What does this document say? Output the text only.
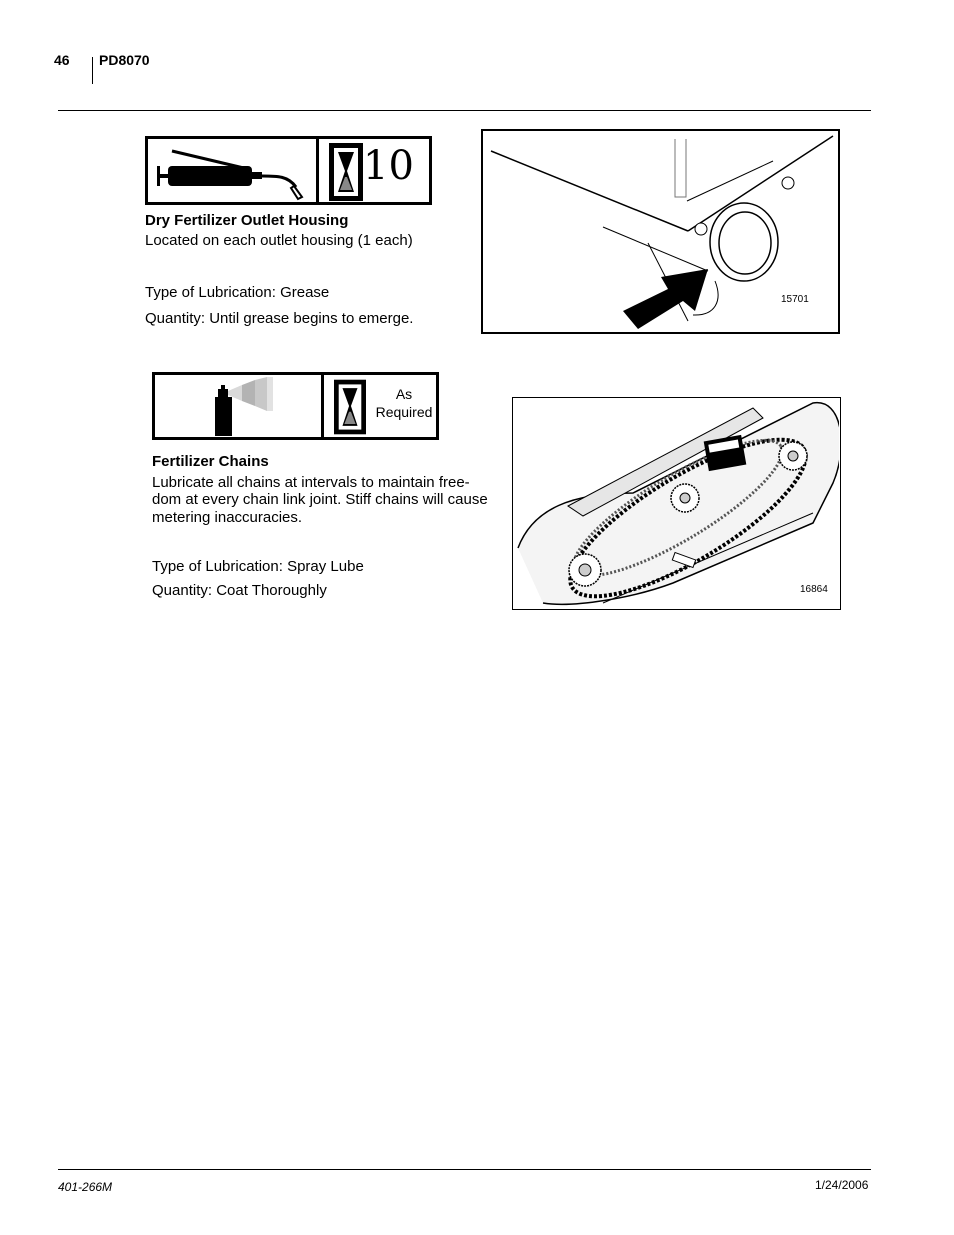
46 PD8070
10
Dry Fertilizer Outlet Housing
Located on each outlet housing (1 each)
Type of Lubrication: Grease
Quantity: Until grease begins to emerge.
15701
As
Required
Fertilizer Chains
Lubricate all chains at intervals to maintain free-
dom at every chain link joint. Stiff chains will cause
metering inaccuracies.
Type of Lubrication: Spray Lube
Quantity: Coat Thoroughly	16864
401-266M	1/24/2006
